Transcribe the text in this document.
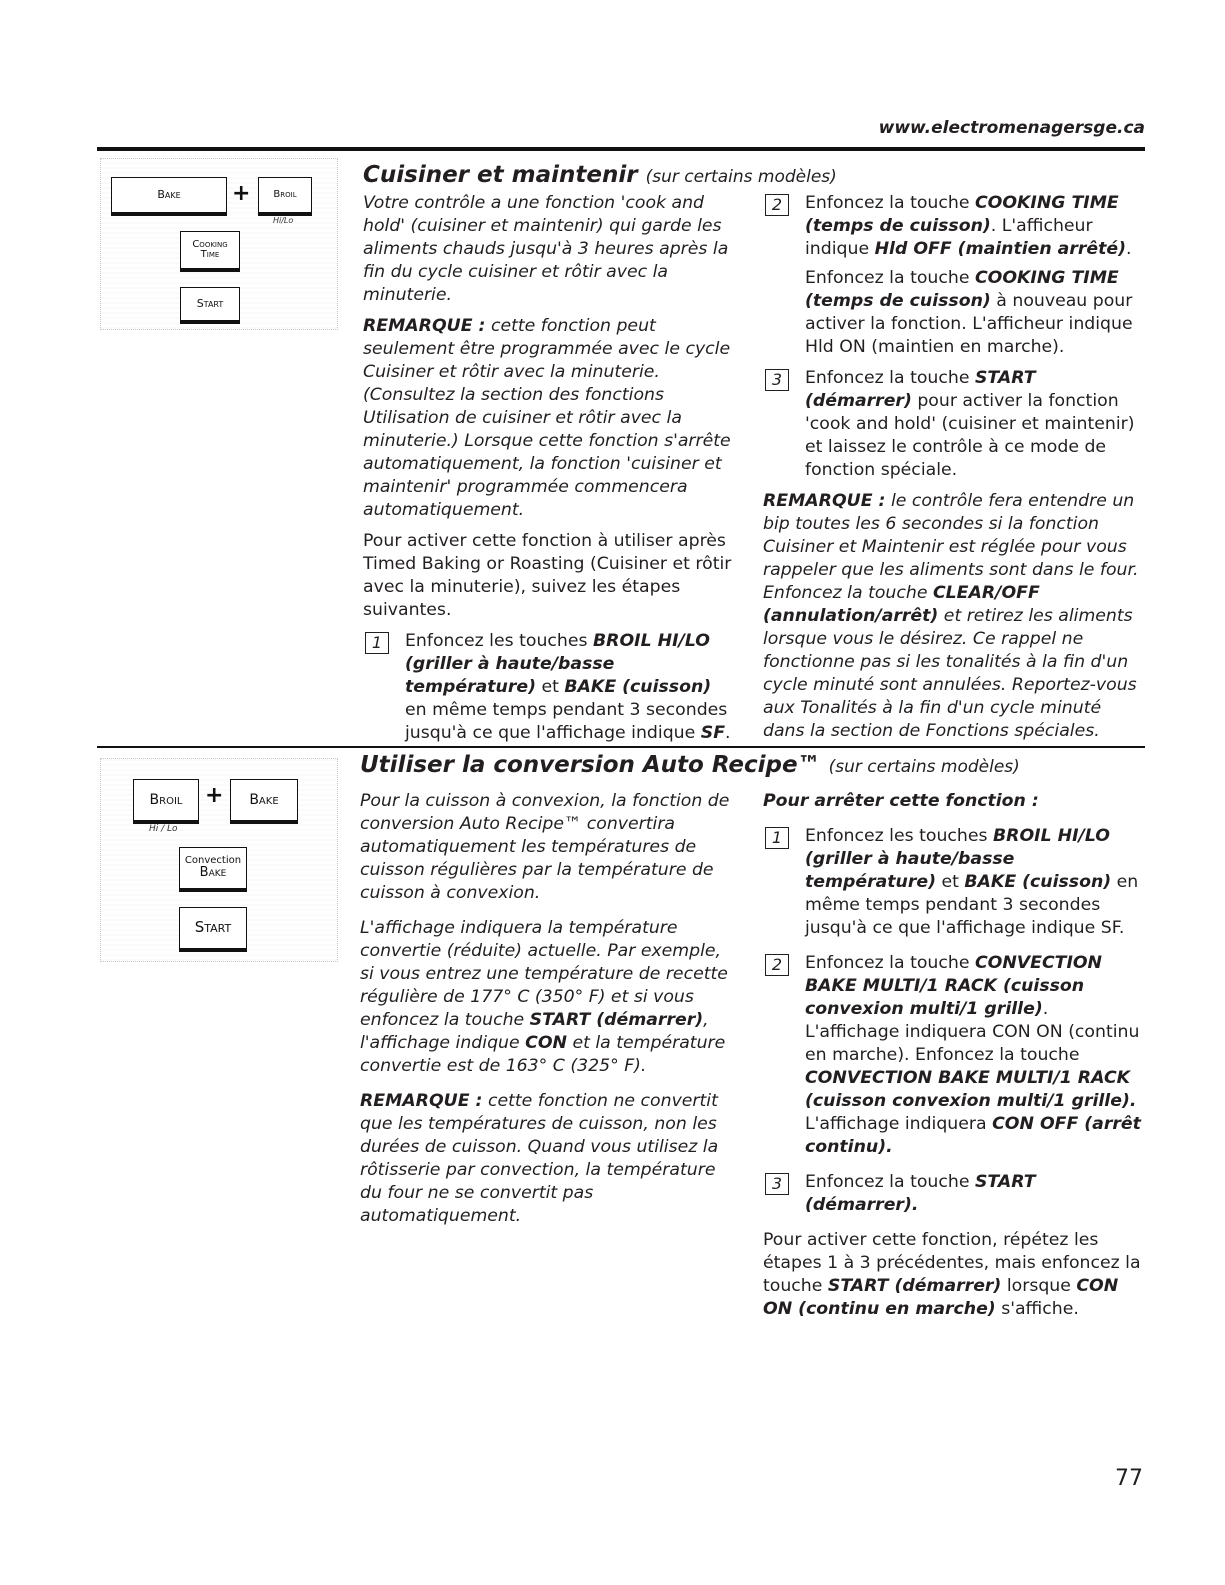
www.electromenagersge.ca
Bake	+	Broil
Hi/Lo
Cooking
Time
Start
Cuisiner et maintenir (sur certains modèles)

Votre contrôle a une fonction 'cook and hold' (cuisiner et maintenir) qui garde les aliments chauds jusqu'à 3 heures après la fin du cycle cuisiner et rôtir avec la minuterie.

REMARQUE : cette fonction peut seulement être programmée avec le cycle Cuisiner et rôtir avec la minuterie. (Consultez la section des fonctions Utilisation de cuisiner et rôtir avec la minuterie.) Lorsque cette fonction s'arrête automatiquement, la fonction 'cuisiner et maintenir' programmée commencera automatiquement.

Pour activer cette fonction à utiliser après Timed Baking or Roasting (Cuisiner et rôtir avec la minuterie), suivez les étapes suivantes.

1	Enfoncez les touches BROIL HI/LO (griller à haute/basse température) et BAKE (cuisson) en même temps pendant 3 secondes jusqu'à ce que l'affichage indique SF.
2	Enfoncez la touche COOKING TIME (temps de cuisson). L'afficheur indique Hld OFF (maintien arrêté).

Enfoncez la touche COOKING TIME (temps de cuisson) à nouveau pour activer la fonction. L'afficheur indique Hld ON (maintien en marche).

3	Enfoncez la touche START (démarrer) pour activer la fonction 'cook and hold' (cuisiner et maintenir) et laissez le contrôle à ce mode de fonction spéciale.

REMARQUE : le contrôle fera entendre un bip toutes les 6 secondes si la fonction Cuisiner et Maintenir est réglée pour vous rappeler que les aliments sont dans le four. Enfoncez la touche CLEAR/OFF (annulation/arrêt) et retirez les aliments lorsque vous le désirez. Ce rappel ne fonctionne pas si les tonalités à la fin d'un cycle minuté sont annulées. Reportez-vous aux Tonalités à la fin d'un cycle minuté dans la section de Fonctions spéciales.

Broil	+	Bake
Hi / Lo
Convection
Bake
Start
Utiliser la conversion Auto Recipe™ (sur certains modèles)

Pour la cuisson à convexion, la fonction de conversion Auto Recipe™ convertira automatiquement les températures de cuisson régulières par la température de cuisson à convexion.

L'affichage indiquera la température convertie (réduite) actuelle. Par exemple, si vous entrez une température de recette régulière de 177° C (350° F) et si vous enfoncez la touche START (démarrer), l'affichage indique CON et la température convertie est de 163° C (325° F).

REMARQUE : cette fonction ne convertit que les températures de cuisson, non les durées de cuisson. Quand vous utilisez la rôtisserie par convection, la température du four ne se convertit pas automatiquement.

Pour arrêter cette fonction :

1	Enfoncez les touches BROIL HI/LO (griller à haute/basse température) et BAKE (cuisson) en même temps pendant 3 secondes jusqu'à ce que l'affichage indique SF.
2	Enfoncez la touche CONVECTION BAKE MULTI/1 RACK (cuisson convexion multi/1 grille). L'affichage indiquera CON ON (continu en marche). Enfoncez la touche CONVECTION BAKE MULTI/1 RACK (cuisson convexion multi/1 grille). L'affichage indiquera CON OFF (arrêt continu).
3	Enfoncez la touche START (démarrer).

Pour activer cette fonction, répétez les étapes 1 à 3 précédentes, mais enfoncez la touche START (démarrer) lorsque CON ON (continu en marche) s'affiche.

77
